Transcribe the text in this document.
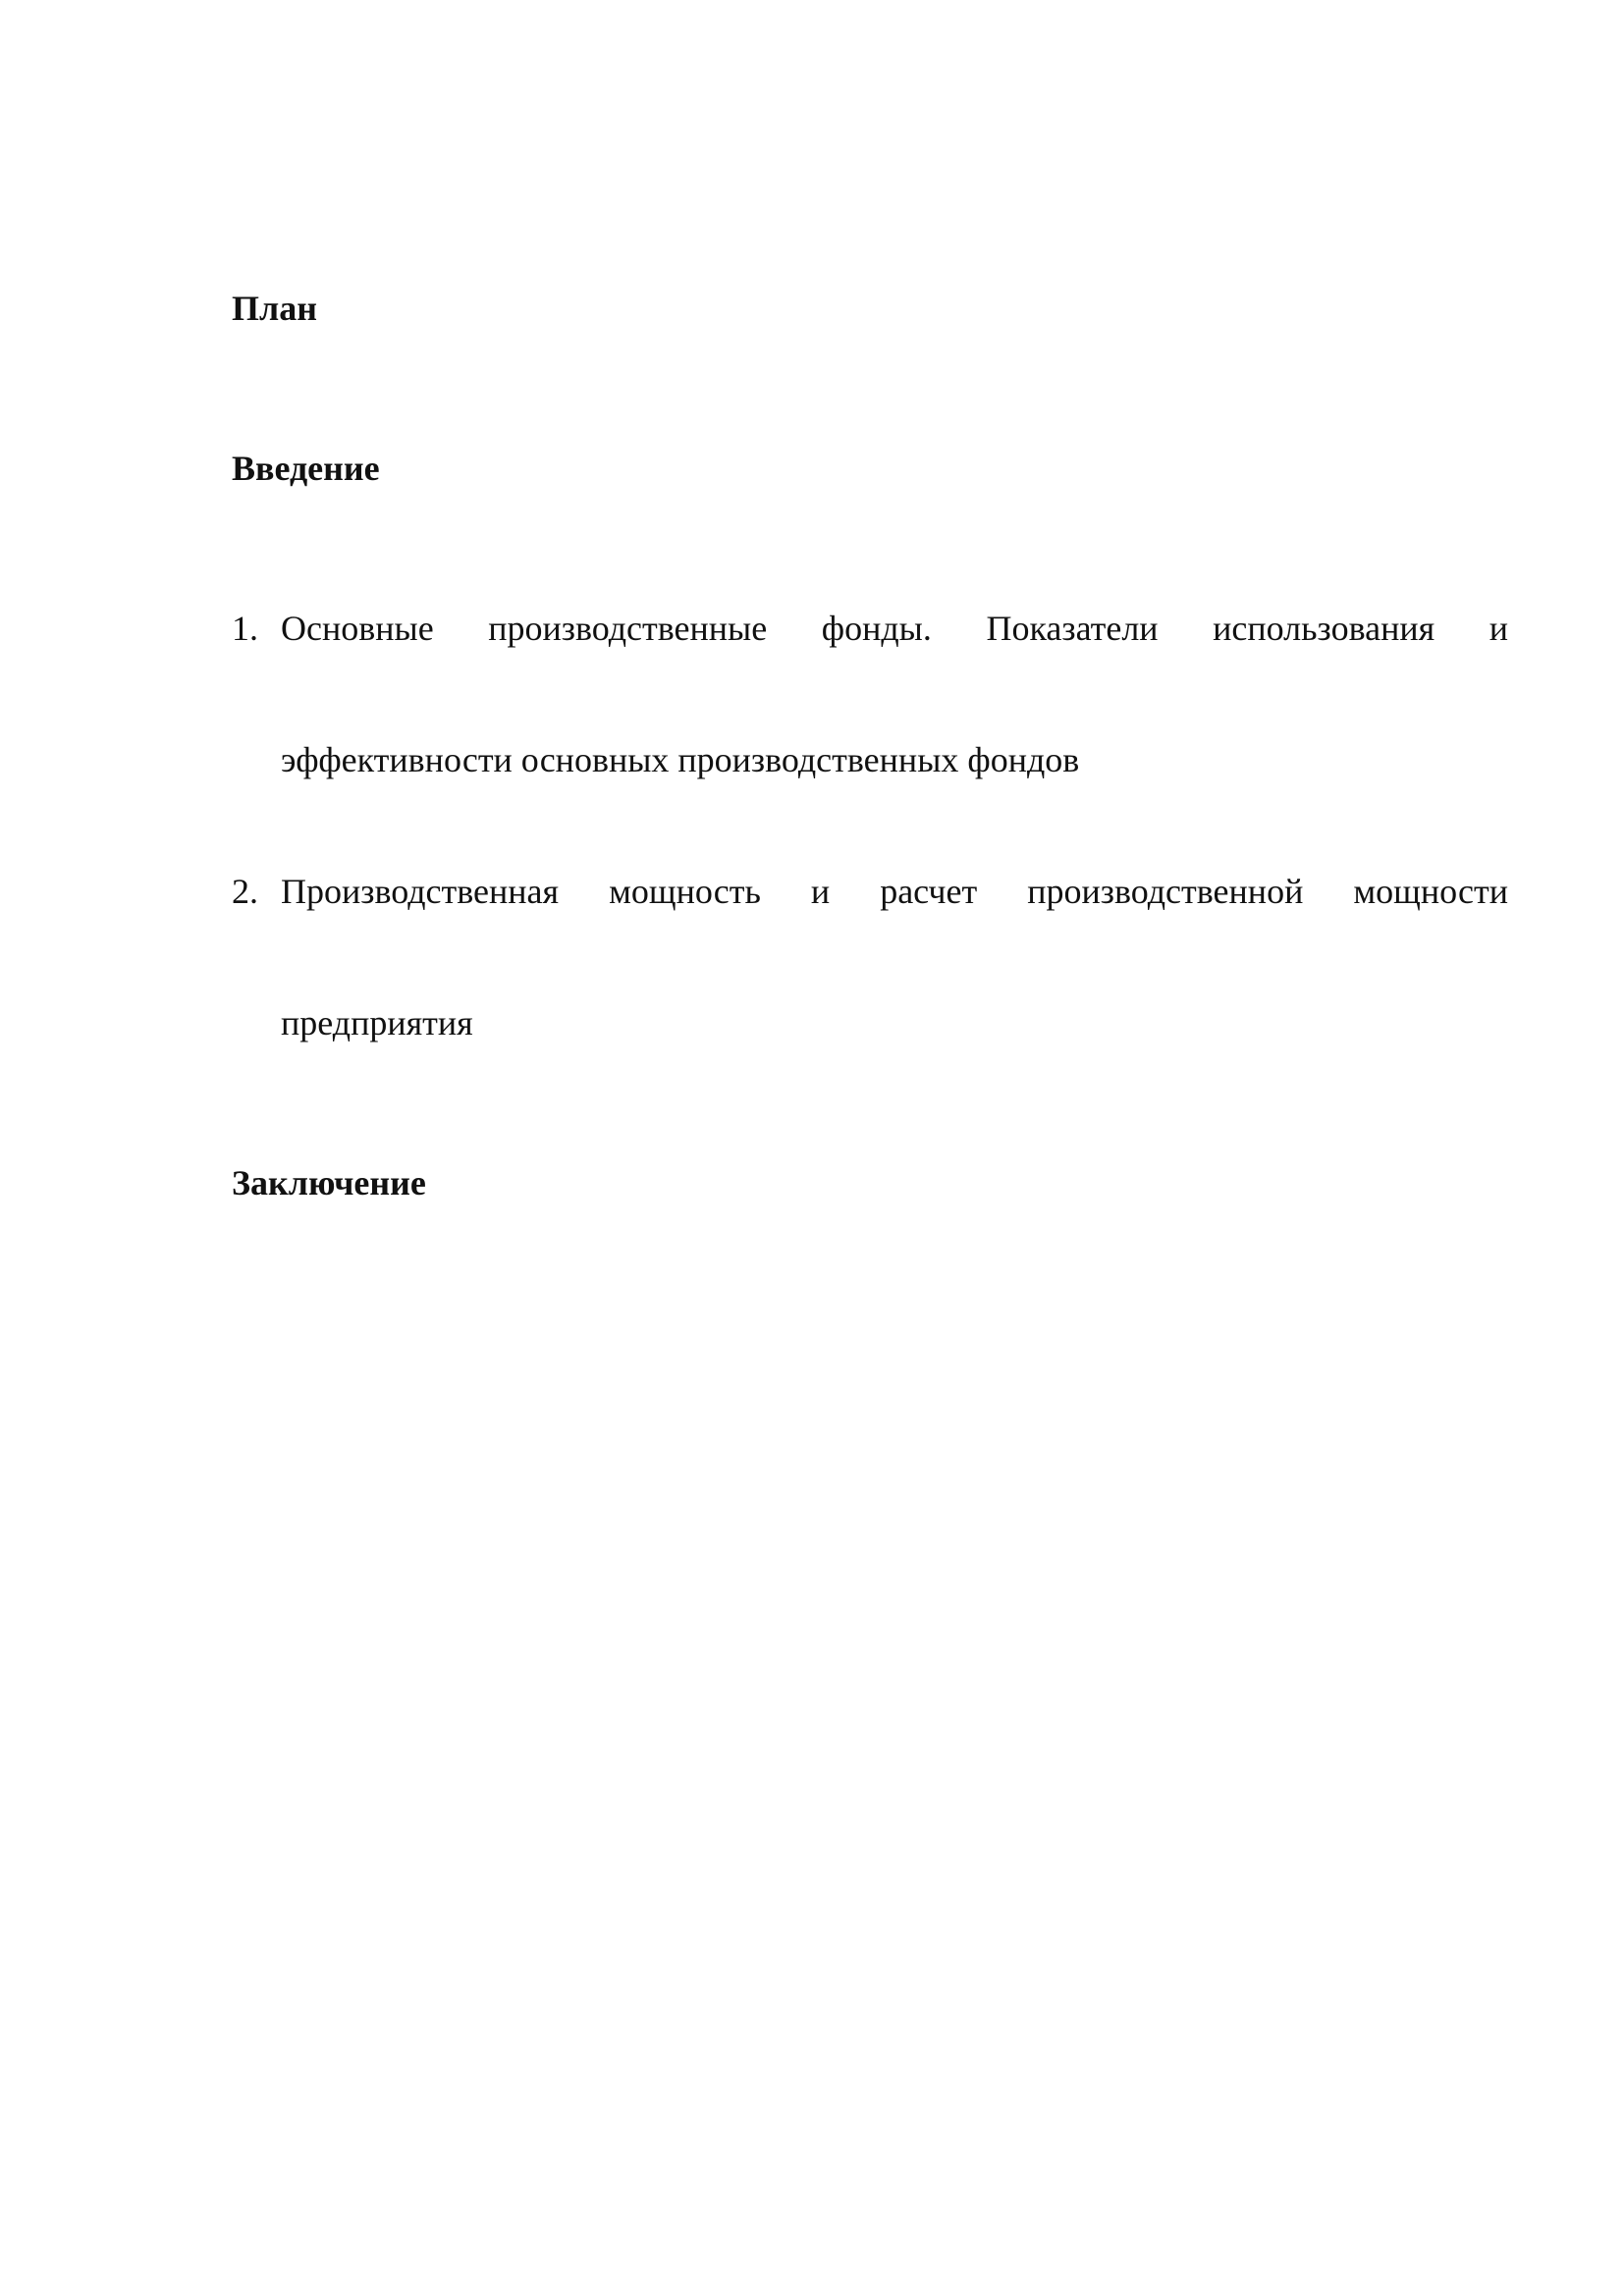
План
Введение
1. Основные производственные фонды. Показатели использования и
эффективности основных производственных фондов
2. Производственная мощность и расчет производственной мощности
предприятия
Заключение
